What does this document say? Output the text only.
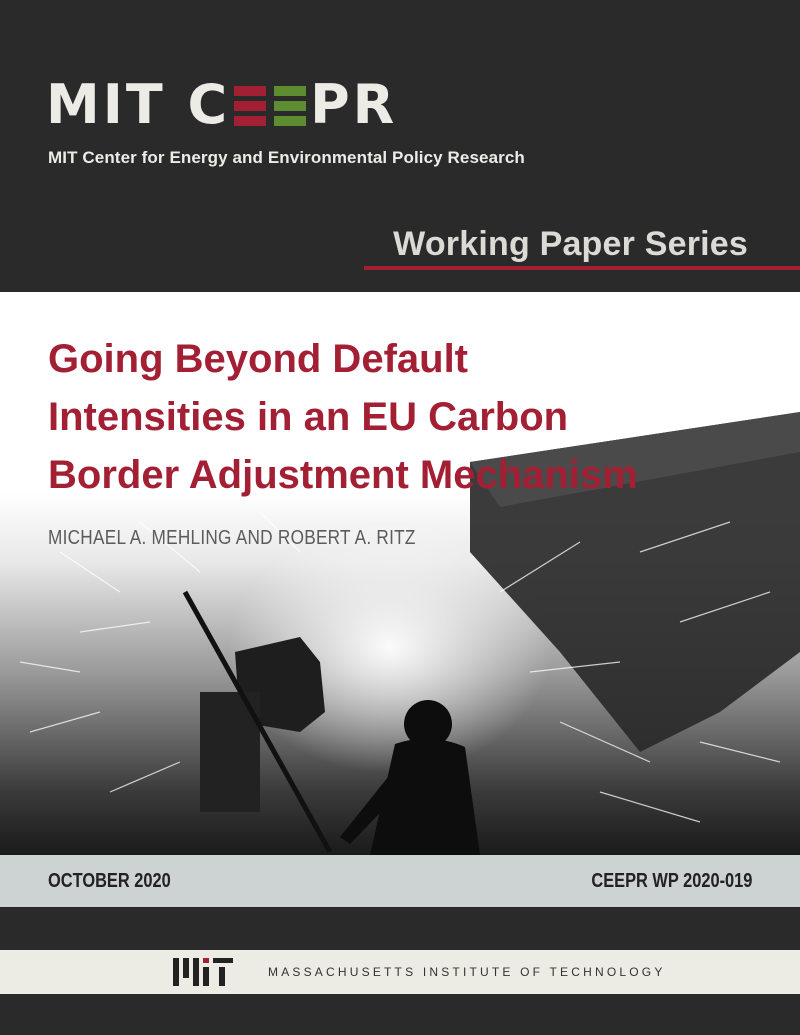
MIT C PR
MIT Center for Energy and Environmental Policy Research
Working Paper Series
Going Beyond Default
Intensities in an EU Carbon
Border Adjustment Mechanism
MICHAEL A. MEHLING AND ROBERT A. RITZ
OCTOBER 2020	CEEPR WP 2020-019
MASSACHUSETTS INSTITUTE OF TECHNOLOGY
